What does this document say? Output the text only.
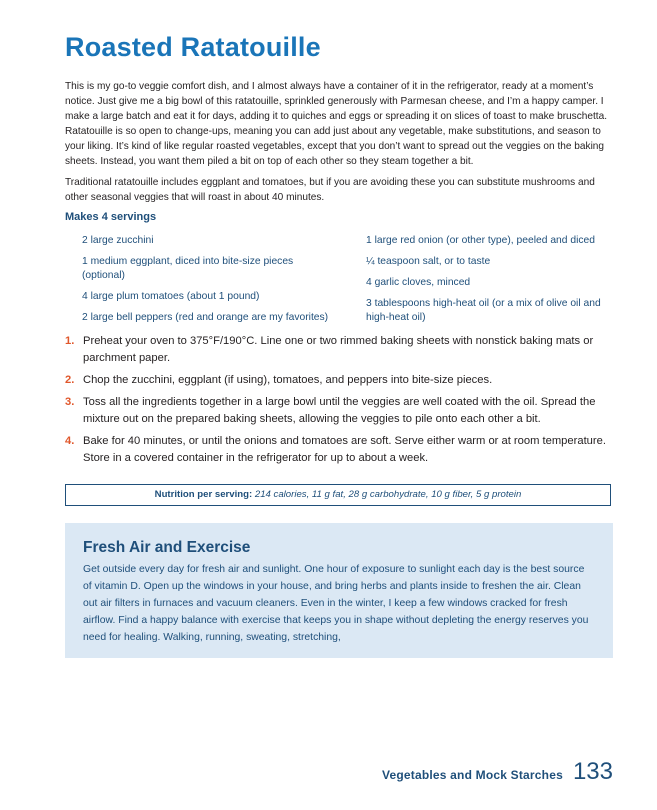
Roasted Ratatouille

This is my go-to veggie comfort dish, and I almost always have a container of it in the refrigerator, ready at a moment’s notice. Just give me a big bowl of this ratatouille, sprinkled generously with Parmesan cheese, and I’m a happy camper. I make a large batch and eat it for days, adding it to quiches and eggs or spreading it on slices of toast to make bruschetta. Ratatouille is so open to change-ups, meaning you can add just about any vegetable, make substitutions, and season to your liking. It’s kind of like regular roasted vegetables, except that you don’t want to spread out the veggies on the baking sheets. Instead, you want them piled a bit on top of each other so they steam together a bit.

Traditional ratatouille includes eggplant and tomatoes, but if you are avoiding these you can substitute mushrooms and other seasonal veggies that will roast in about 40 minutes.

Makes 4 servings
2 large zucchini
1 medium eggplant, diced into bite-size pieces (optional)
4 large plum tomatoes (about 1 pound)
2 large bell peppers (red and orange are my favorites)
1 large red onion (or other type), peeled and diced
¼ teaspoon salt, or to taste
4 garlic cloves, minced
3 tablespoons high-heat oil (or a mix of olive oil and high-heat oil)
1. Preheat your oven to 375°F/190°C. Line one or two rimmed baking sheets with nonstick baking mats or parchment paper.
2. Chop the zucchini, eggplant (if using), tomatoes, and peppers into bite-size pieces.
3. Toss all the ingredients together in a large bowl until the veggies are well coated with the oil. Spread the mixture out on the prepared baking sheets, allowing the veggies to pile onto each other a bit.
4. Bake for 40 minutes, or until the onions and tomatoes are soft. Serve either warm or at room temperature. Store in a covered container in the refrigerator for up to about a week.
Nutrition per serving: 214 calories, 11 g fat, 28 g carbohydrate, 10 g fiber, 5 g protein
Fresh Air and Exercise

Get outside every day for fresh air and sunlight. One hour of exposure to sunlight each day is the best source of vitamin D. Open up the windows in your house, and bring herbs and plants inside to freshen the air. Clean out air filters in furnaces and vacuum cleaners. Even in the winter, I keep a few windows cracked for fresh airflow. Find a happy balance with exercise that keeps you in shape without depleting the energy reserves you need for healing. Walking, running, sweating, stretching,

Vegetables and Mock Starches 133
